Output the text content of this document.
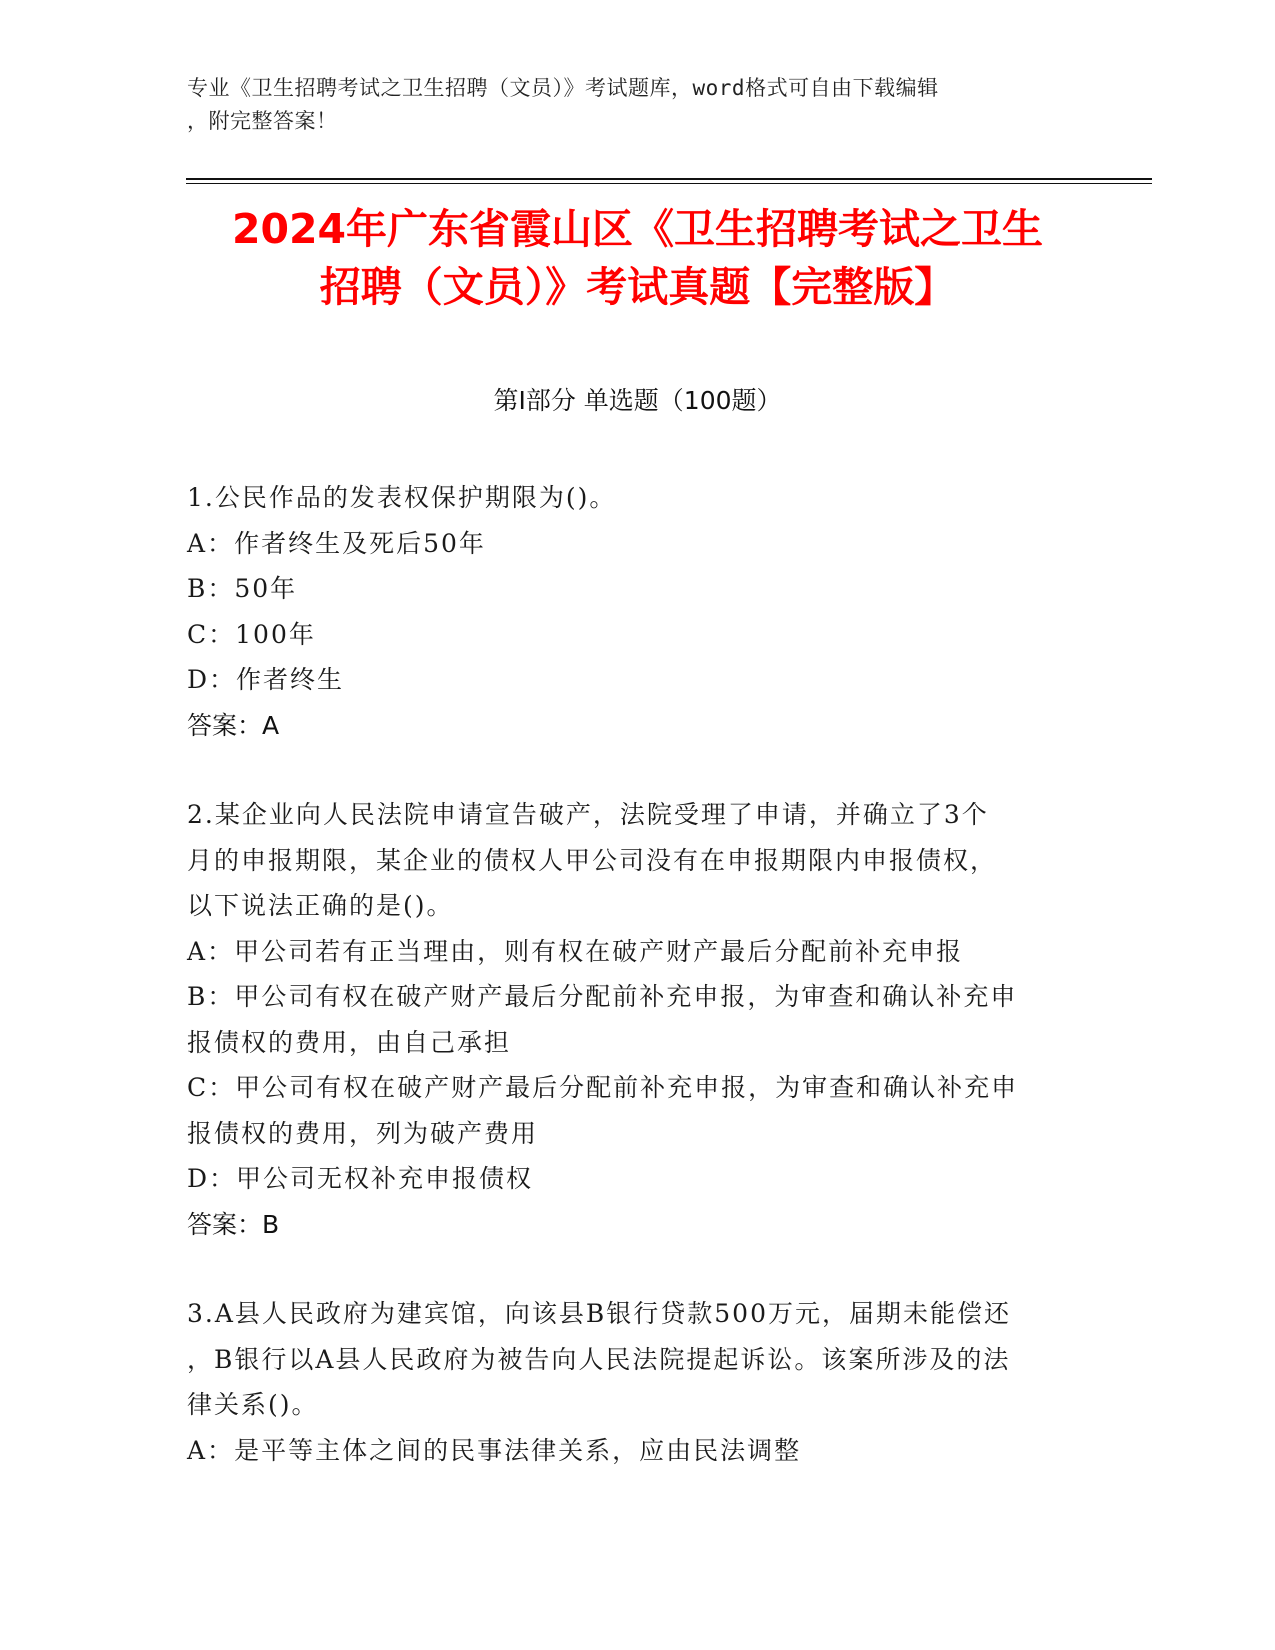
专业《卫生招聘考试之卫生招聘（文员）》考试题库，word格式可自由下载编辑
，附完整答案！
2024年广东省霞山区《卫生招聘考试之卫生
招聘（文员）》考试真题【完整版】
第Ⅰ部分 单选题（100题）
1.公民作品的发表权保护期限为()。
A：作者终生及死后50年
B：50年
C：100年
D：作者终生
答案：A
2.某企业向人民法院申请宣告破产，法院受理了申请，并确立了3个
月的申报期限，某企业的债权人甲公司没有在申报期限内申报债权，
以下说法正确的是()。
A：甲公司若有正当理由，则有权在破产财产最后分配前补充申报
B：甲公司有权在破产财产最后分配前补充申报，为审查和确认补充申
报债权的费用，由自己承担
C：甲公司有权在破产财产最后分配前补充申报，为审查和确认补充申
报债权的费用，列为破产费用
D：甲公司无权补充申报债权
答案：B
3.A县人民政府为建宾馆，向该县B银行贷款500万元，届期未能偿还
，B银行以A县人民政府为被告向人民法院提起诉讼。该案所涉及的法
律关系()。
A：是平等主体之间的民事法律关系，应由民法调整
